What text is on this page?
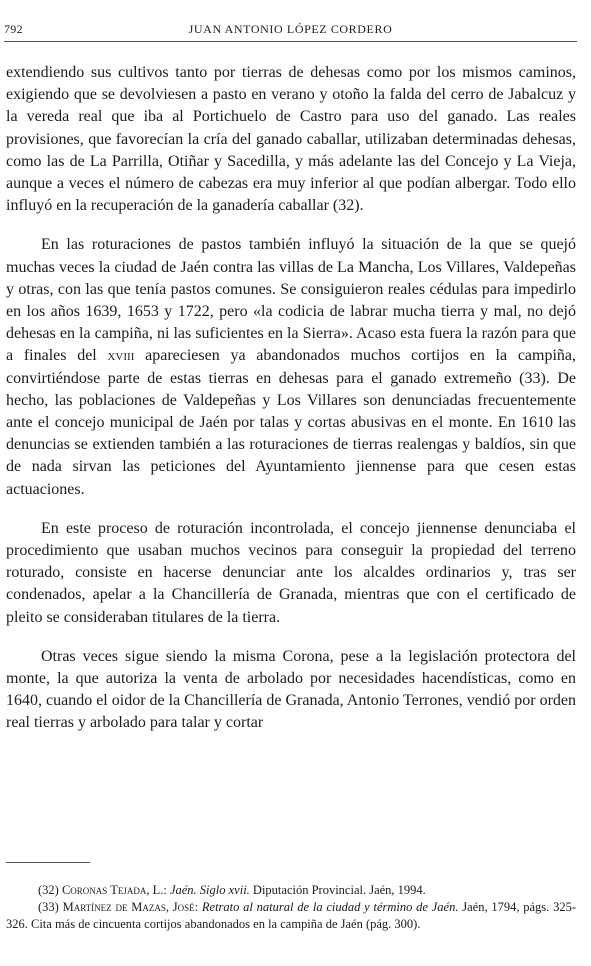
792	JUAN ANTONIO LÓPEZ CORDERO

extendiendo sus cultivos tanto por tierras de dehesas como por los mismos caminos, exigiendo que se devolviesen a pasto en verano y otoño la falda del cerro de Jabalcuz y la vereda real que iba al Portichuelo de Castro para uso del ganado. Las reales provisiones, que favorecían la cría del ganado caballar, utilizaban determinadas dehesas, como las de La Parrilla, Otiñar y Sacedilla, y más adelante las del Concejo y La Vieja, aunque a veces el número de cabezas era muy inferior al que podían albergar. Todo ello influyó en la recuperación de la ganadería caballar (32).

En las roturaciones de pastos también influyó la situación de la que se quejó muchas veces la ciudad de Jaén contra las villas de La Mancha, Los Villares, Valdepeñas y otras, con las que tenía pastos comunes. Se consiguieron reales cédulas para impedirlo en los años 1639, 1653 y 1722, pero «la codicia de labrar mucha tierra y mal, no dejó dehesas en la campiña, ni las suficientes en la Sierra». Acaso esta fuera la razón para que a finales del xviii apareciesen ya abandonados muchos cortijos en la campiña, convirtiéndose parte de estas tierras en dehesas para el ganado extremeño (33). De hecho, las poblaciones de Valdepeñas y Los Villares son denunciadas frecuentemente ante el concejo municipal de Jaén por talas y cortas abusivas en el monte. En 1610 las denuncias se extienden también a las roturaciones de tierras realengas y baldíos, sin que de nada sirvan las peticiones del Ayuntamiento jiennense para que cesen estas actuaciones.

En este proceso de roturación incontrolada, el concejo jiennense denunciaba el procedimiento que usaban muchos vecinos para conseguir la propiedad del terreno roturado, consiste en hacerse denunciar ante los alcaldes ordinarios y, tras ser condenados, apelar a la Chancillería de Granada, mientras que con el certificado de pleito se consideraban titulares de la tierra.

Otras veces sigue siendo la misma Corona, pese a la legislación protectora del monte, la que autoriza la venta de arbolado por necesidades hacendísticas, como en 1640, cuando el oidor de la Chancillería de Granada, Antonio Terrones, vendió por orden real tierras y arbolado para talar y cortar

(32) Coronas Tejada, L.: Jaén. Siglo xvii. Diputación Provincial. Jaén, 1994.

(33) Martínez de Mazas, José: Retrato al natural de la ciudad y término de Jaén. Jaén, 1794, págs. 325-326. Cita más de cincuenta cortijos abandonados en la campiña de Jaén (pág. 300).
